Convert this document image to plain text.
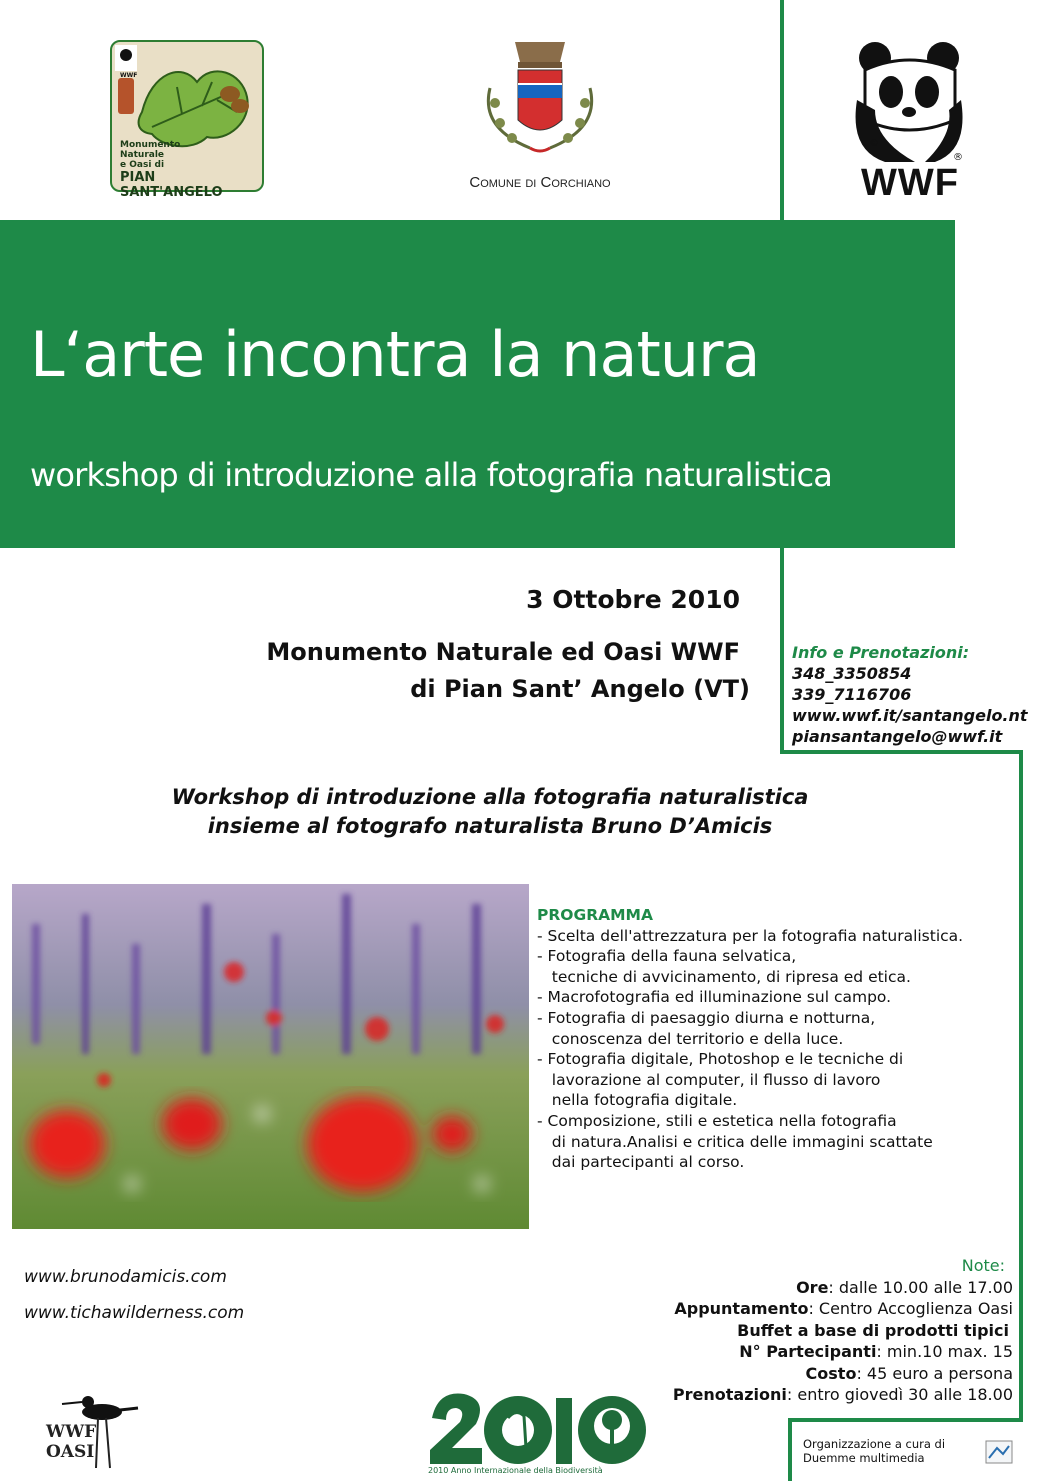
Monumento
Naturale
e Oasi di
PIAN SANT'ANGELO
WWF
Comune di Corchiano
©
®
WWF
L‘arte incontra la natura
workshop di introduzione alla fotografia naturalistica
3 Ottobre 2010
Monumento Naturale ed Oasi WWF
di Pian Sant’ Angelo (VT)
Info e Prenotazioni:
348_3350854
339_7116706
www.wwf.it/santangelo.nt
piansantangelo@wwf.it
Workshop di introduzione alla fotografia naturalistica
insieme al fotografo naturalista Bruno D’Amicis
PROGRAMMA
- Scelta dell'attrezzatura per la fotografia naturalistica.
- Fotografia della fauna selvatica,
tecniche di avvicinamento, di ripresa ed etica.
- Macrofotografia ed illuminazione sul campo.
- Fotografia di paesaggio diurna e notturna,
conoscenza del territorio e della luce.
- Fotografia digitale, Photoshop e le tecniche di
lavorazione al computer, il flusso di lavoro
nella fotografia digitale.
- Composizione, stili e estetica nella fotografia
di natura.Analisi e critica delle immagini scattate
dai partecipanti al corso.
www.brunodamicis.com
www.tichawilderness.com
Note:
Ore: dalle 10.00 alle 17.00
Appuntamento: Centro Accoglienza Oasi
Buffet a base di prodotti tipici
N° Partecipanti: min.10 max. 15
Costo: 45 euro a persona
Prenotazioni: entro giovedì 30 alle 18.00
WWF
OASI
2010 Anno Internazionale della Biodiversità
Organizzazione a cura di
Duemme multimedia
